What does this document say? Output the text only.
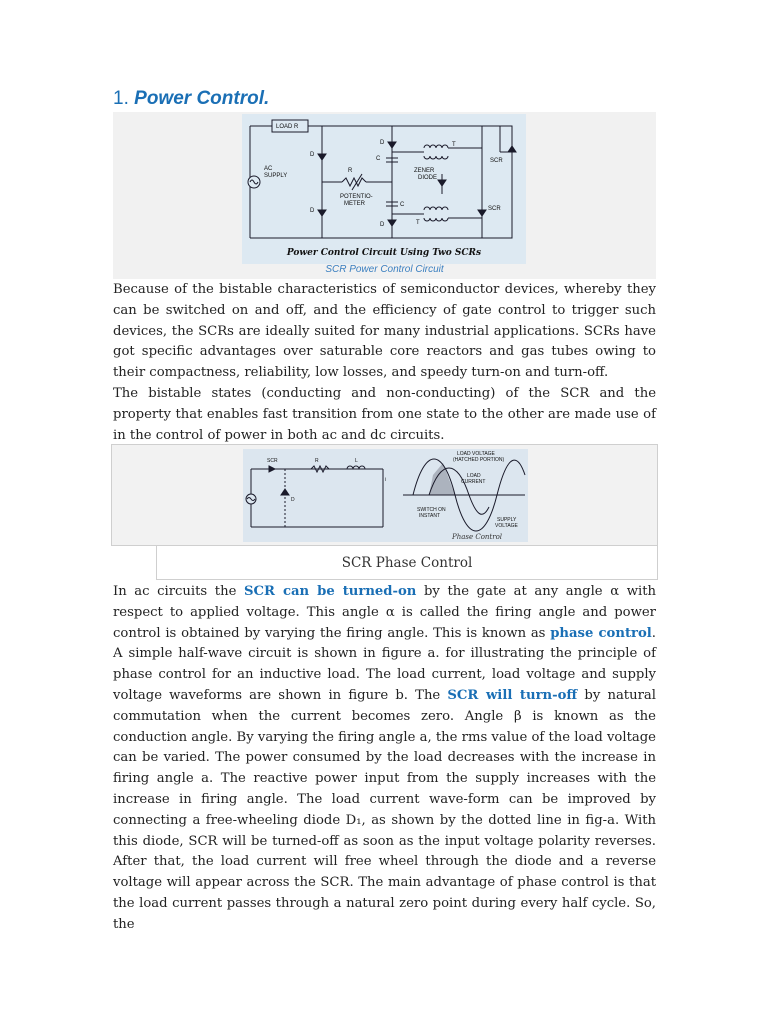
1. Power Control.
LOAD R
AC
SUPPLY
D
D
D
D
R
POTENTIO-
METER
C
C
ZENER
DIODE
T
T
SCR
SCR
Power Control Circuit Using Two SCRs
SCR Power Control Circuit

Because of the bistable characteristics of semiconductor devices, whereby they can be switched on and off, and the efficiency of gate control to trigger such devices, the SCRs are ideally suited for many industrial applications. SCRs have got specific advantages over saturable core reactors and gas tubes owing to their compactness, reliability, low losses, and speedy turn-on and turn-off.

The bistable states (conducting and non-conducting) of the SCR and the property that enables fast transition from one state to the other are made use of in the control of power in both ac and dc circuits.

SCR	R	L
D
i
LOAD VOLTAGE
(HATCHED PORTION)
LOAD
CURRENT
SWITCH ON
INSTANT
SUPPLY
VOLTAGE
Phase Control
SCR Phase Control

In ac circuits the SCR can be turned-on by the gate at any angle α with respect to applied voltage. This angle α is called the firing angle and power control is obtained by varying the firing angle. This is known as phase control. A simple half-wave circuit is shown in figure a. for illustrating the principle of phase control for an inductive load. The load current, load voltage and supply voltage waveforms are shown in figure b. The SCR will turn-off by natural commutation when the current becomes zero. Angle β is known as the conduction angle. By varying the firing angle a, the rms value of the load voltage can be varied. The power consumed by the load decreases with the increase in firing angle a. The reactive power input from the supply increases with the increase in firing angle. The load current wave-form can be improved by connecting a free-wheeling diode D₁, as shown by the dotted line in fig-a. With this diode, SCR will be turned-off as soon as the input voltage polarity reverses. After that, the load current will free wheel through the diode and a reverse voltage will appear across the SCR. The main advantage of phase control is that the load current passes through a natural zero point during every half cycle. So, the
